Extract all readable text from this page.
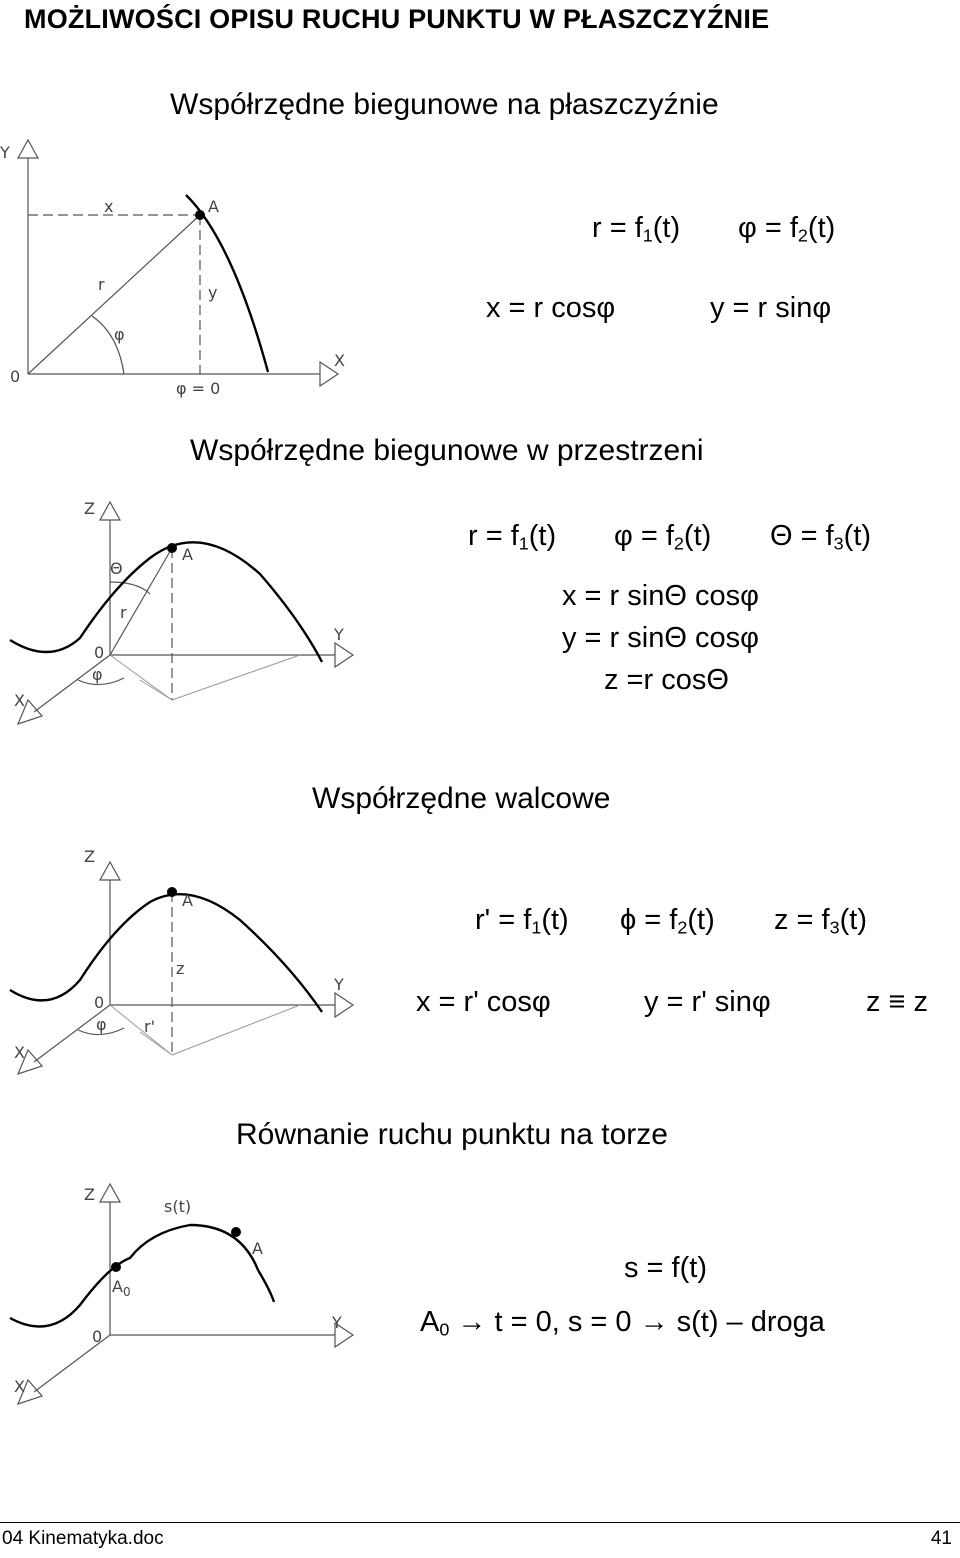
MOŻLIWOŚCI OPISU RUCHU PUNKTU W PŁASZCZYŹNIE
Współrzędne biegunowe na płaszczyźnie
$r = f_1(t) \varphi = f_2(t)$
x = r cosφ	y = r sinφ
Y
X
0
A
x
y
r
φ
φ = 0
Współrzędne biegunowe w przestrzeni
$r = f_1(t) \varphi = f_2(t) \Theta = f_3(t)$
x = r sinΘ cosφ
y = r sinΘ cosφ
z =r cosΘ
Z
Y
X
0
A
r
Θ
φ
Współrzędne walcowe
$r' = f_1(t) \phi = f_2(t) z = f_3(t)$
x = r' cosφ	y = r' sinφ	z ≡ z
Z
Y
X
0
A
z
r'
φ
Równanie ruchu punktu na torze
s = f(t)
$A_0 \to t = 0$, s = 0 → s(t) – droga
Z
Y
X
0
A
$A_0$
s(t)
04 Kinematyka.doc	41
